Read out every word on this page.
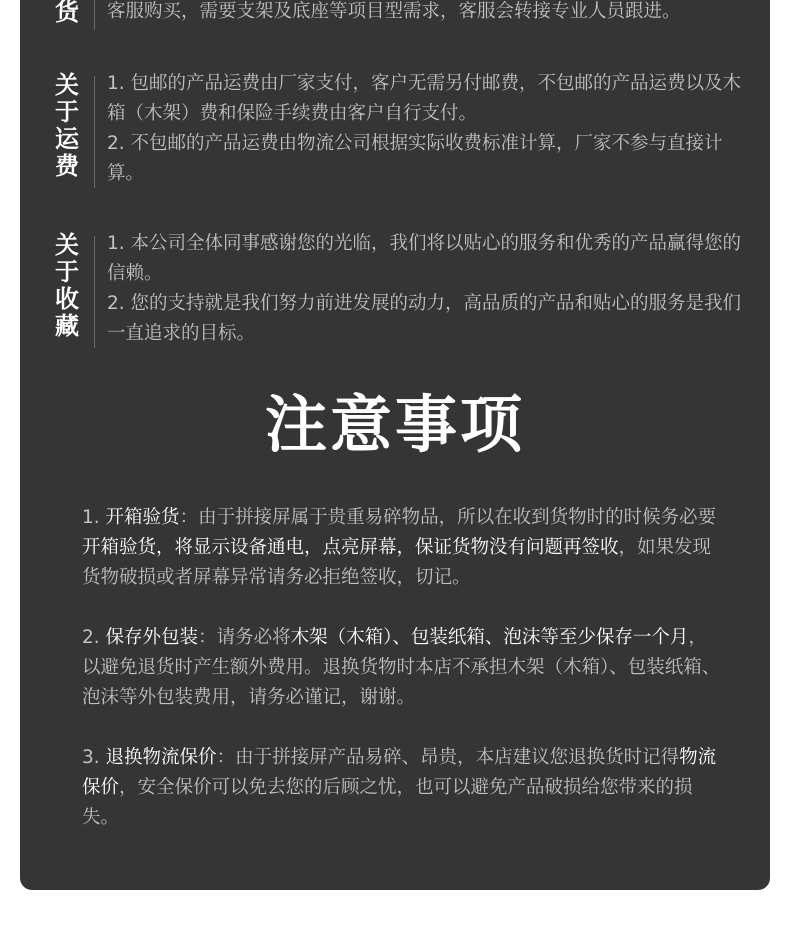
货 客服购买，需要支架及底座等项目型需求，客服会转接专业人员跟进。

关
于
运
费

1. 包邮的产品运费由厂家支付，客户无需另付邮费，不包邮的产品运费以及木箱（木架）费和保险手续费由客户自行支付。

2. 不包邮的产品运费由物流公司根据实际收费标准计算，厂家不参与直接计算。

关
于
收
藏

1. 本公司全体同事感谢您的光临，我们将以贴心的服务和优秀的产品赢得您的信赖。

2. 您的支持就是我们努力前进发展的动力，高品质的产品和贴心的服务是我们一直追求的目标。

注意事项

1. 开箱验货：由于拼接屏属于贵重易碎物品，所以在收到货物时的时候务必要开箱验货，将显示设备通电，点亮屏幕，保证货物没有问题再签收，如果发现货物破损或者屏幕异常请务必拒绝签收，切记。

2. 保存外包装：请务必将木架（木箱）、包装纸箱、泡沫等至少保存一个月，以避免退货时产生额外费用。退换货物时本店不承担木架（木箱）、包装纸箱、泡沫等外包装费用，请务必谨记，谢谢。

3. 退换物流保价：由于拼接屏产品易碎、昂贵，本店建议您退换货时记得物流保价，安全保价可以免去您的后顾之忧，也可以避免产品破损给您带来的损失。
